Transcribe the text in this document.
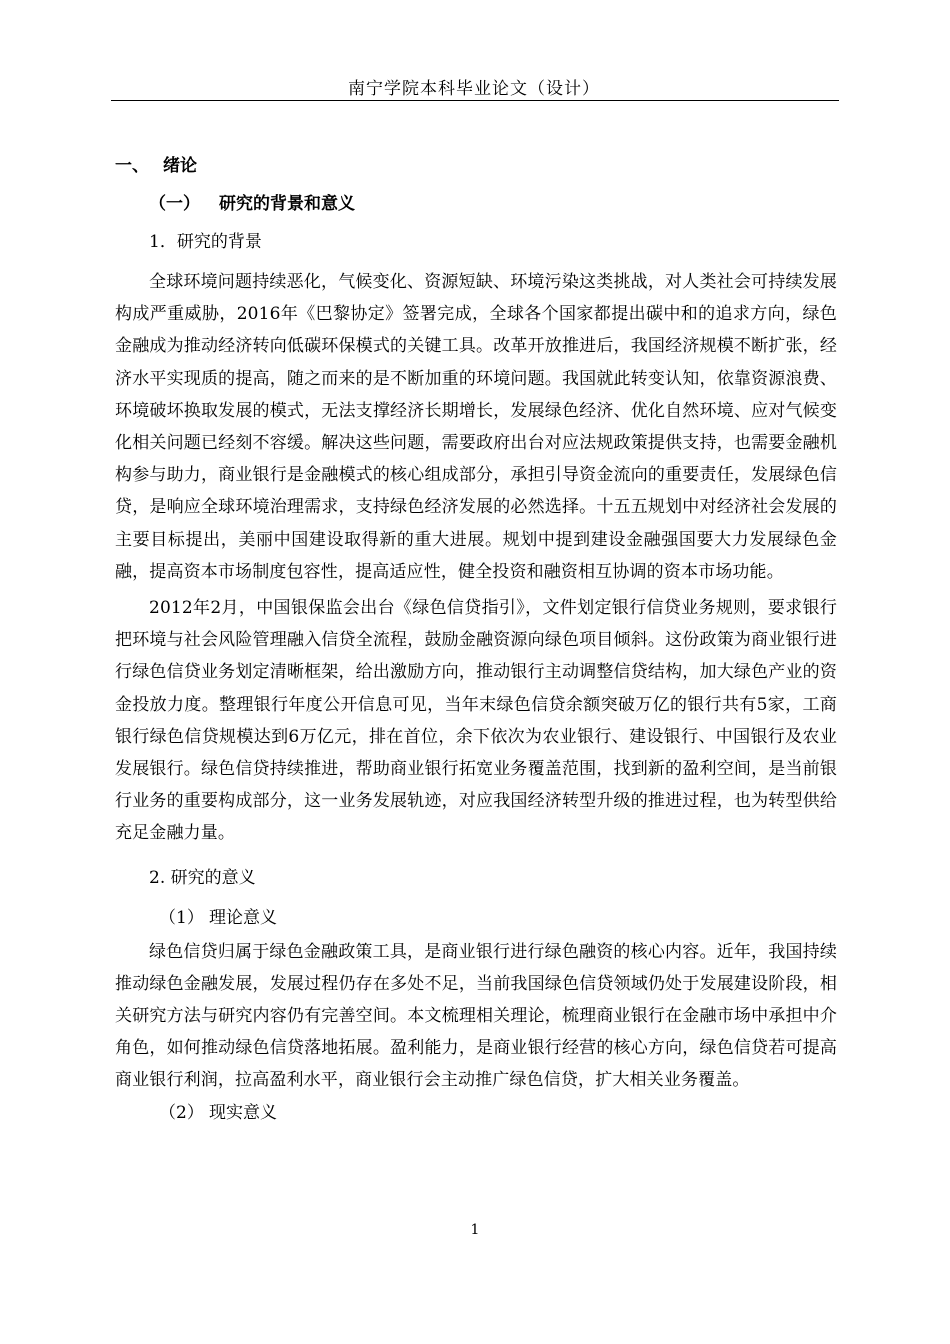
南宁学院本科毕业论文（设计）
一、 绪论
（一） 研究的背景和意义
1．研究的背景

全球环境问题持续恶化，气候变化、资源短缺、环境污染这类挑战，对人类社会可持续发展构成严重威胁，2016年《巴黎协定》签署完成，全球各个国家都提出碳中和的追求方向，绿色金融成为推动经济转向低碳环保模式的关键工具。改革开放推进后，我国经济规模不断扩张，经济水平实现质的提高，随之而来的是不断加重的环境问题。我国就此转变认知，依靠资源浪费、环境破坏换取发展的模式，无法支撑经济长期增长，发展绿色经济、优化自然环境、应对气候变化相关问题已经刻不容缓。解决这些问题，需要政府出台对应法规政策提供支持，也需要金融机构参与助力，商业银行是金融模式的核心组成部分，承担引导资金流向的重要责任，发展绿色信贷，是响应全球环境治理需求，支持绿色经济发展的必然选择。十五五规划中对经济社会发展的主要目标提出，美丽中国建设取得新的重大进展。规划中提到建设金融强国要大力发展绿色金融，提高资本市场制度包容性，提高适应性，健全投资和融资相互协调的资本市场功能。

2012年2月，中国银保监会出台《绿色信贷指引》，文件划定银行信贷业务规则，要求银行把环境与社会风险管理融入信贷全流程，鼓励金融资源向绿色项目倾斜。这份政策为商业银行进行绿色信贷业务划定清晰框架，给出激励方向，推动银行主动调整信贷结构，加大绿色产业的资金投放力度。整理银行年度公开信息可见，当年末绿色信贷余额突破万亿的银行共有5家，工商银行绿色信贷规模达到6万亿元，排在首位，余下依次为农业银行、建设银行、中国银行及农业发展银行。绿色信贷持续推进，帮助商业银行拓宽业务覆盖范围，找到新的盈利空间，是当前银行业务的重要构成部分，这一业务发展轨迹，对应我国经济转型升级的推进过程，也为转型供给充足金融力量。

2. 研究的意义
（1） 理论意义

绿色信贷归属于绿色金融政策工具，是商业银行进行绿色融资的核心内容。近年，我国持续推动绿色金融发展，发展过程仍存在多处不足，当前我国绿色信贷领域仍处于发展建设阶段，相关研究方法与研究内容仍有完善空间。本文梳理相关理论，梳理商业银行在金融市场中承担中介角色，如何推动绿色信贷落地拓展。盈利能力，是商业银行经营的核心方向，绿色信贷若可提高商业银行利润，拉高盈利水平，商业银行会主动推广绿色信贷，扩大相关业务覆盖。

（2） 现实意义
1
